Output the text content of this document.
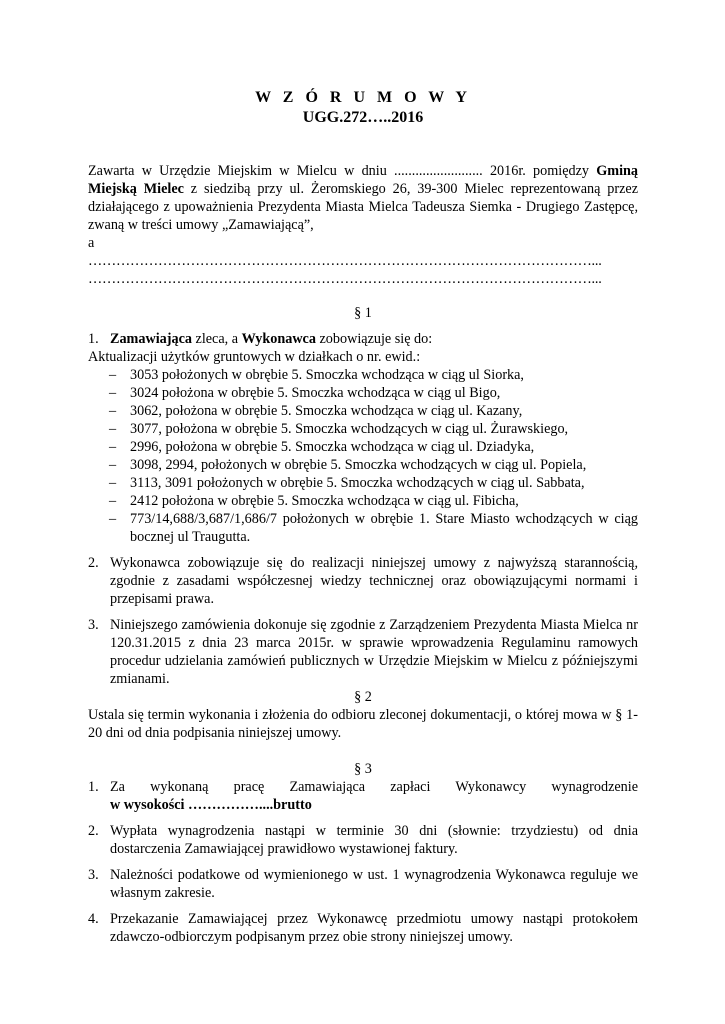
W Z Ó R U M O W Y
UGG.272…..2016
Zawarta w Urzędzie Miejskim w Mielcu w dniu ......................... 2016r. pomiędzy Gminą Miejską Mielec z siedzibą przy ul. Żeromskiego 26, 39-300 Mielec reprezentowaną przez działającego z upoważnienia Prezydenta Miasta Mielca Tadeusza Siemka - Drugiego Zastępcę, zwaną w treści umowy „Zamawiającą”,
a
………………………………………………………………………………………………...
………………………………………………………………………………………………...
§ 1
1. Zamawiająca zleca, a Wykonawca zobowiązuje się do:
Aktualizacji użytków gruntowych w działkach o nr. ewid.:
– 3053 położonych w obrębie 5. Smoczka wchodząca w ciąg ul Siorka,
– 3024 położona w obrębie 5. Smoczka wchodząca w ciąg ul Bigo,
– 3062, położona w obrębie 5. Smoczka wchodząca w ciąg ul. Kazany,
– 3077, położona w obrębie 5. Smoczka wchodzących w ciąg ul. Żurawskiego,
– 2996, położona w obrębie 5. Smoczka wchodząca w ciąg ul. Dziadyka,
– 3098, 2994, położonych w obrębie 5. Smoczka wchodzących w ciąg ul. Popiela,
– 3113, 3091 położonych w obrębie 5. Smoczka wchodzących w ciąg ul. Sabbata,
– 2412 położona w obrębie 5. Smoczka wchodząca w ciąg ul. Fibicha,
– 773/14,688/3,687/1,686/7 położonych w obrębie 1. Stare Miasto wchodzących w ciąg bocznej ul Traugutta.
2. Wykonawca zobowiązuje się do realizacji niniejszej umowy z najwyższą starannością, zgodnie z zasadami współczesnej wiedzy technicznej oraz obowiązującymi normami i przepisami prawa.
3. Niniejszego zamówienia dokonuje się zgodnie z Zarządzeniem Prezydenta Miasta Mielca nr 120.31.2015 z dnia 23 marca 2015r. w sprawie wprowadzenia Regulaminu ramowych procedur udzielania zamówień publicznych w Urzędzie Miejskim w Mielcu z późniejszymi zmianami.
§ 2
Ustala się termin wykonania i złożenia do odbioru zleconej dokumentacji, o której mowa w § 1- 20 dni od dnia podpisania niniejszej umowy.
§ 3
1. Za wykonaną pracę Zamawiająca zapłaci Wykonawcy wynagrodzenie
w wysokości ……………....brutto
2. Wypłata wynagrodzenia nastąpi w terminie 30 dni (słownie: trzydziestu) od dnia dostarczenia Zamawiającej prawidłowo wystawionej faktury.
3. Należności podatkowe od wymienionego w ust. 1 wynagrodzenia Wykonawca reguluje we własnym zakresie.
4. Przekazanie Zamawiającej przez Wykonawcę przedmiotu umowy nastąpi protokołem zdawczo-odbiorczym podpisanym przez obie strony niniejszej umowy.
